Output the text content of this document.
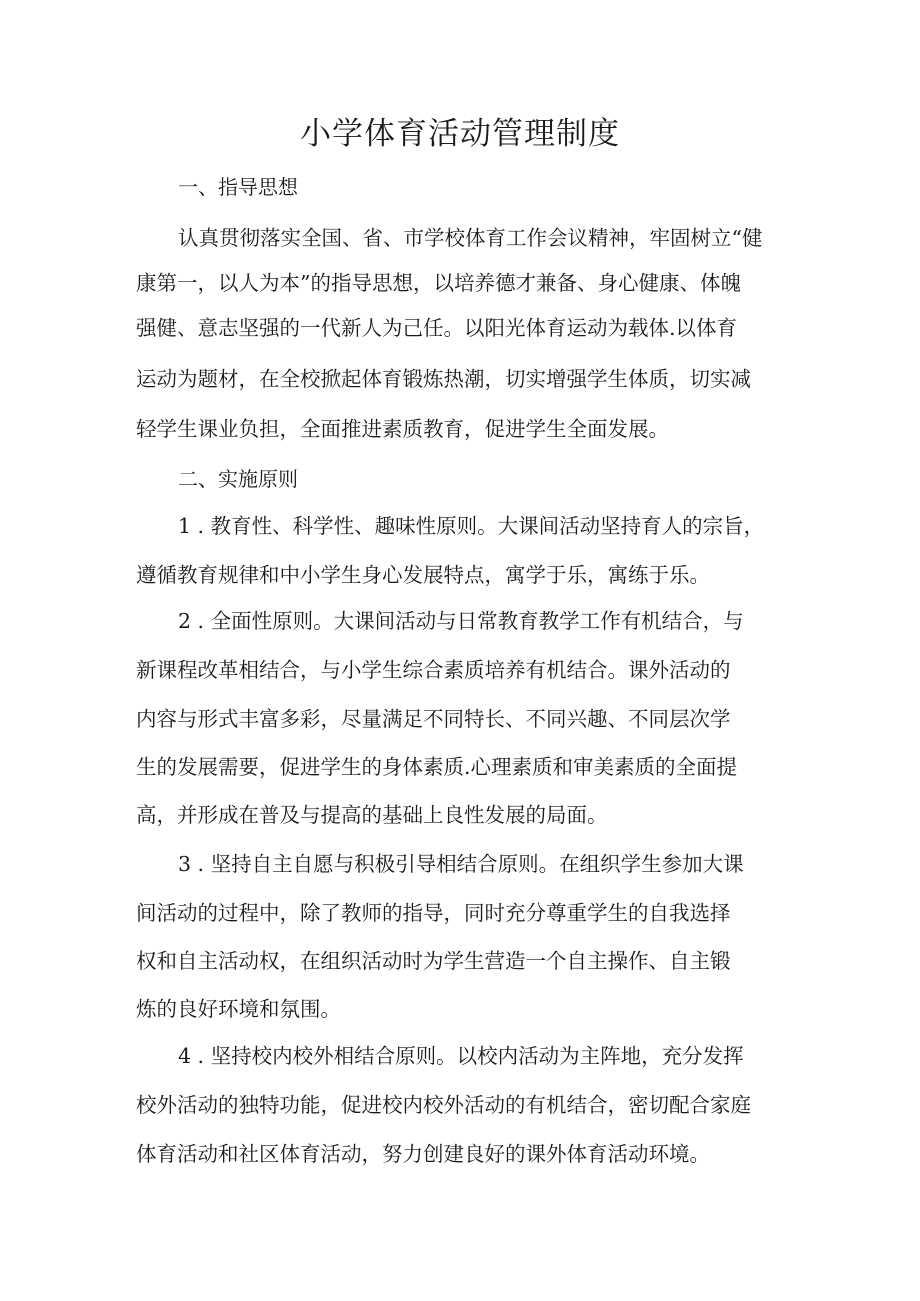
小学体育活动管理制度
一、指导思想
认真贯彻落实全国、省、市学校体育工作会议精神，牢固树立“健
康第一，以人为本”的指导思想，以培养德才兼备、身心健康、体魄
强健、意志坚强的一代新人为己任。以阳光体育运动为载体.以体育
运动为题材，在全校掀起体育锻炼热潮，切实增强学生体质，切实减
轻学生课业负担，全面推进素质教育，促进学生全面发展。
二、实施原则
1 . 教育性、科学性、趣味性原则。大课间活动坚持育人的宗旨，
遵循教育规律和中小学生身心发展特点，寓学于乐，寓练于乐。
2 . 全面性原则。大课间活动与日常教育教学工作有机结合，与
新课程改革相结合，与小学生综合素质培养有机结合。课外活动的
内容与形式丰富多彩，尽量满足不同特长、不同兴趣、不同层次学
生的发展需要，促进学生的身体素质.心理素质和审美素质的全面提
高，并形成在普及与提高的基础上良性发展的局面。
3 . 坚持自主自愿与积极引导相结合原则。在组织学生参加大课
间活动的过程中，除了教师的指导，同时充分尊重学生的自我选择
权和自主活动权，在组织活动时为学生营造一个自主操作、自主锻
炼的良好环境和氛围。
4 . 坚持校内校外相结合原则。以校内活动为主阵地，充分发挥
校外活动的独特功能，促进校内校外活动的有机结合，密切配合家庭
体育活动和社区体育活动，努力创建良好的课外体育活动环境。
